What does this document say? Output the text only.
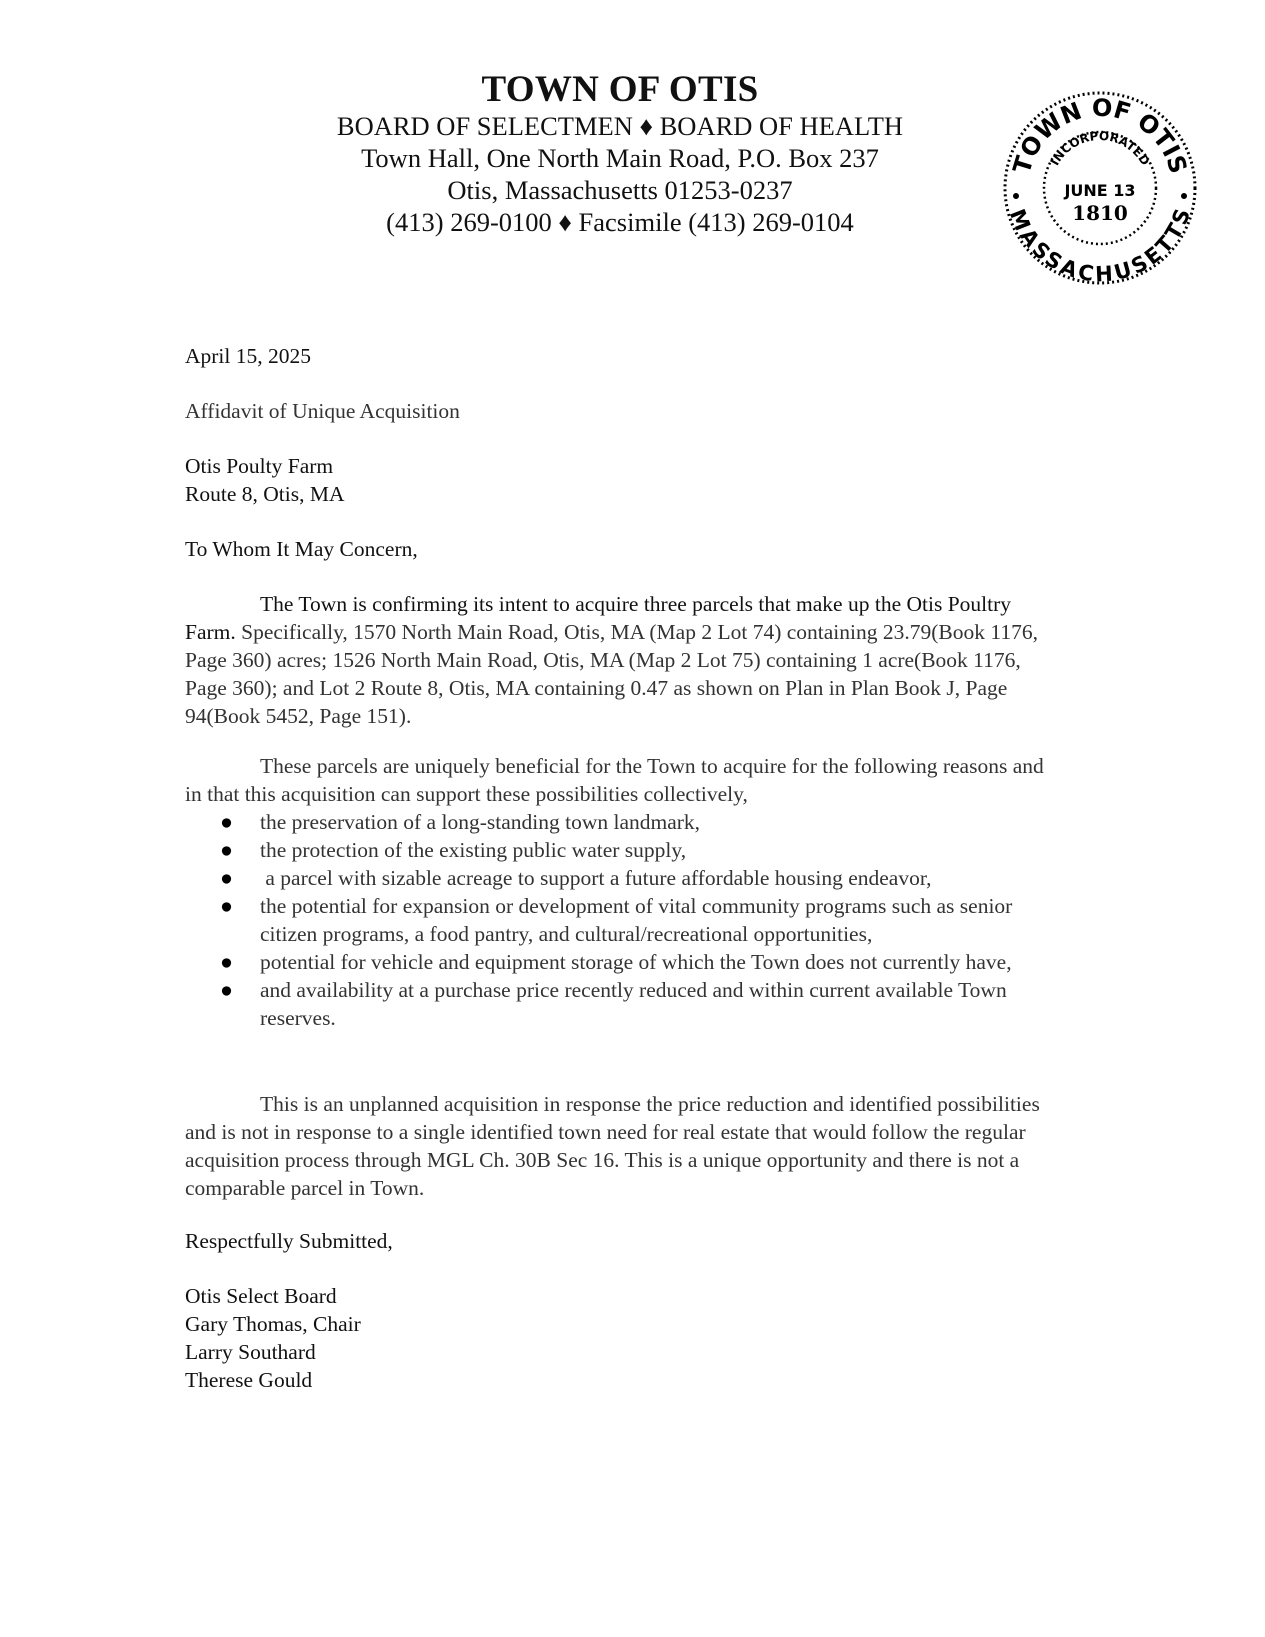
TOWN OF OTIS
BOARD OF SELECTMEN ♦ BOARD OF HEALTH
Town Hall, One North Main Road, P.O. Box 237
Otis, Massachusetts 01253-0237
(413) 269-0100 ♦ Facsimile (413) 269-0104
TOWN OF OTIS
MASSACHUSETTS
INCORPORATED
JUNE 13
1810
April 15, 2025
Affidavit of Unique Acquisition
Otis Poulty Farm
Route 8, Otis, MA
To Whom It May Concern,

The Town is confirming its intent to acquire three parcels that make up the Otis Poultry Farm. Specifically, 1570 North Main Road, Otis, MA (Map 2 Lot 74) containing 23.79(Book 1176, Page 360) acres; 1526 North Main Road, Otis, MA (Map 2 Lot 75) containing 1 acre(Book 1176, Page 360); and Lot 2 Route 8, Otis, MA containing 0.47 as shown on Plan in Plan Book J, Page 94(Book 5452, Page 151).

These parcels are uniquely beneficial for the Town to acquire for the following reasons and in that this acquisition can support these possibilities collectively,

● the preservation of a long-standing town landmark,
● the protection of the existing public water supply,
● a parcel with sizable acreage to support a future affordable housing endeavor,
● the potential for expansion or development of vital community programs such as senior citizen programs, a food pantry, and cultural/recreational opportunities,
● potential for vehicle and equipment storage of which the Town does not currently have,
● and availability at a purchase price recently reduced and within current available Town reserves.

This is an unplanned acquisition in response the price reduction and identified possibilities and is not in response to a single identified town need for real estate that would follow the regular acquisition process through MGL Ch. 30B Sec 16. This is a unique opportunity and there is not a comparable parcel in Town.

Respectfully Submitted,
Otis Select Board
Gary Thomas, Chair
Larry Southard
Therese Gould
